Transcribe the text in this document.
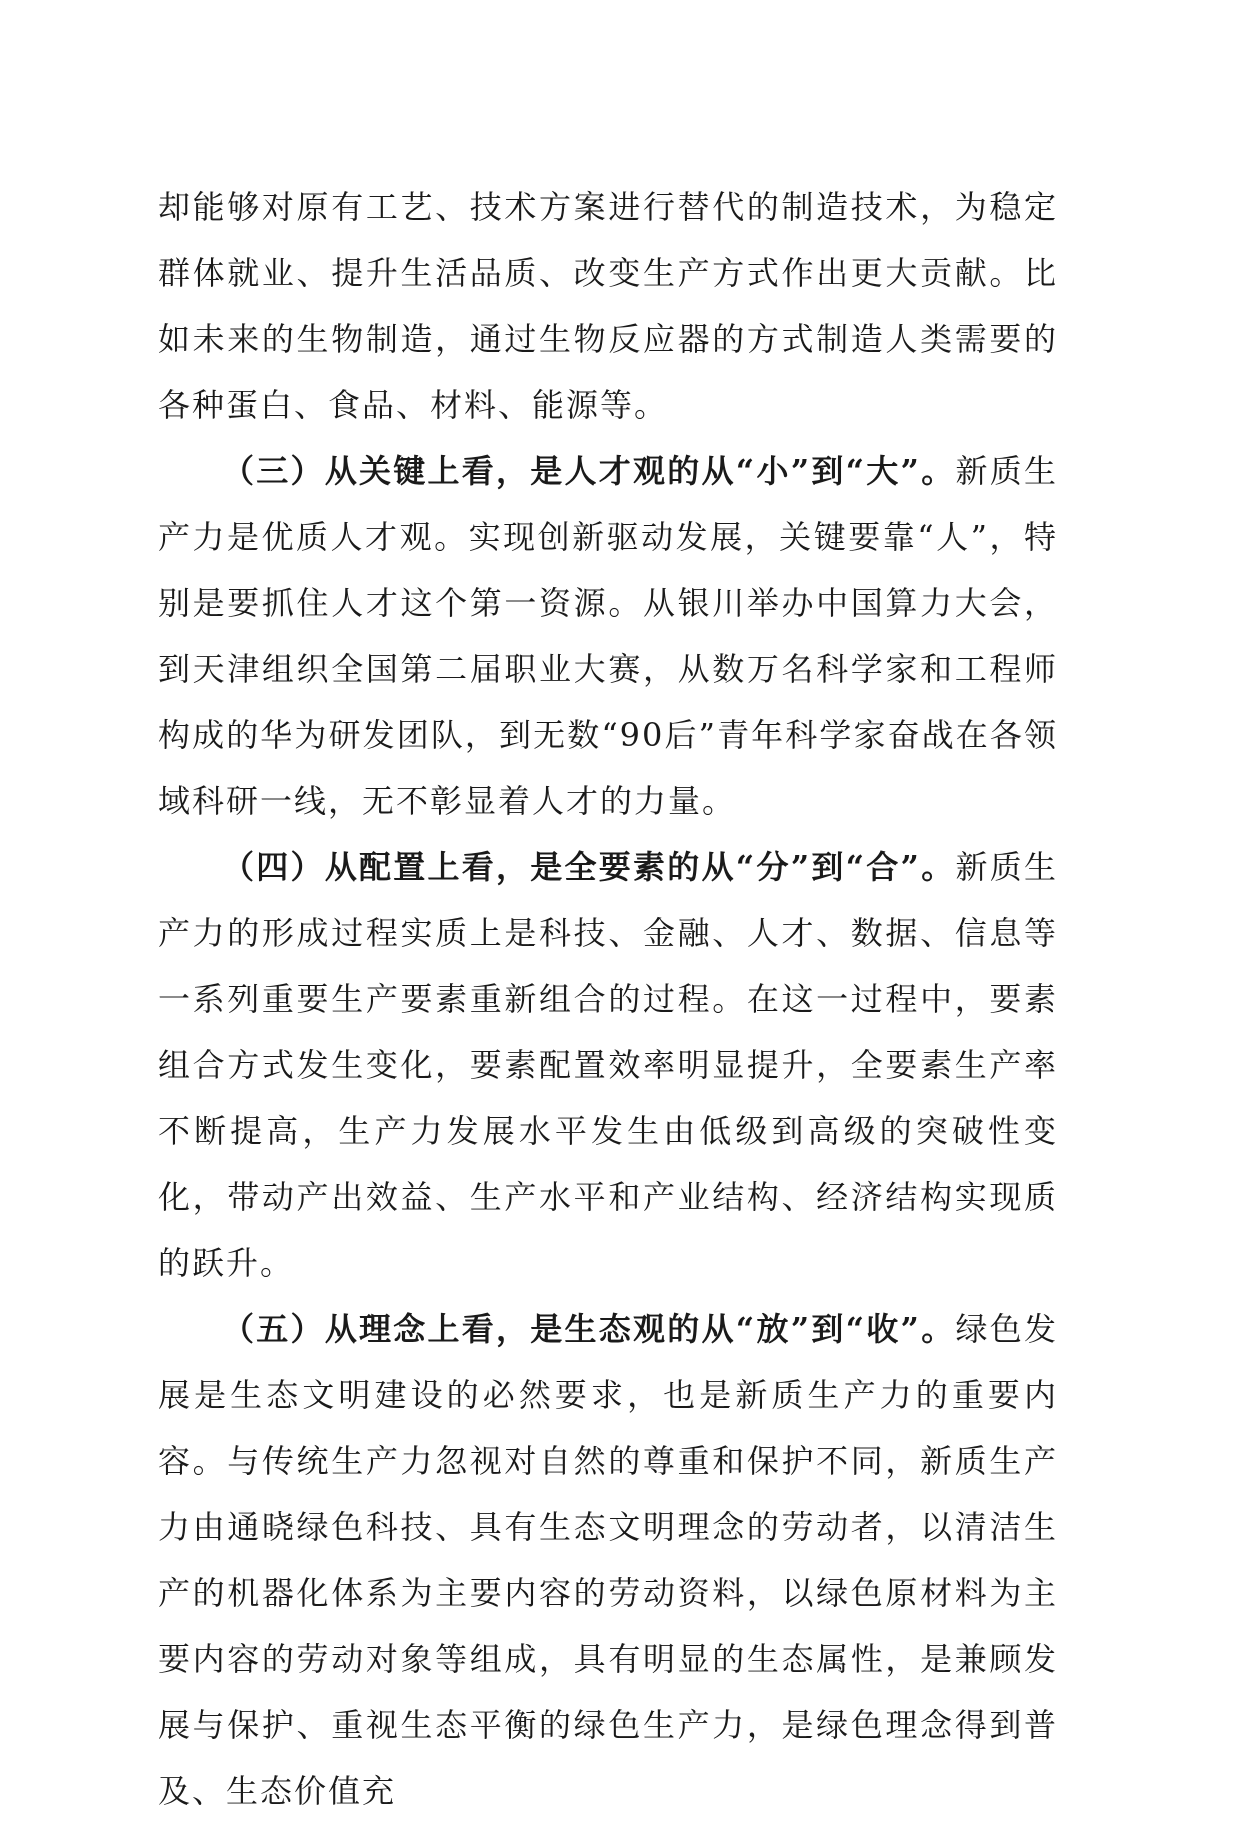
却能够对原有工艺、技术方案进行替代的制造技术，为稳定群体就业、提升生活品质、改变生产方式作出更大贡献。比如未来的生物制造，通过生物反应器的方式制造人类需要的各种蛋白、食品、材料、能源等。

（三）从关键上看，是人才观的从“小”到“大”。新质生产力是优质人才观。实现创新驱动发展，关键要靠“人”，特别是要抓住人才这个第一资源。从银川举办中国算力大会，到天津组织全国第二届职业大赛，从数万名科学家和工程师构成的华为研发团队，到无数“90后”青年科学家奋战在各领域科研一线，无不彰显着人才的力量。

（四）从配置上看，是全要素的从“分”到“合”。新质生产力的形成过程实质上是科技、金融、人才、数据、信息等一系列重要生产要素重新组合的过程。在这一过程中，要素组合方式发生变化，要素配置效率明显提升，全要素生产率不断提高，生产力发展水平发生由低级到高级的突破性变化，带动产出效益、生产水平和产业结构、经济结构实现质的跃升。

（五）从理念上看，是生态观的从“放”到“收”。绿色发展是生态文明建设的必然要求，也是新质生产力的重要内容。与传统生产力忽视对自然的尊重和保护不同，新质生产力由通晓绿色科技、具有生态文明理念的劳动者，以清洁生产的机器化体系为主要内容的劳动资料，以绿色原材料为主要内容的劳动对象等组成，具有明显的生态属性，是兼顾发展与保护、重视生态平衡的绿色生产力，是绿色理念得到普及、生态价值充
